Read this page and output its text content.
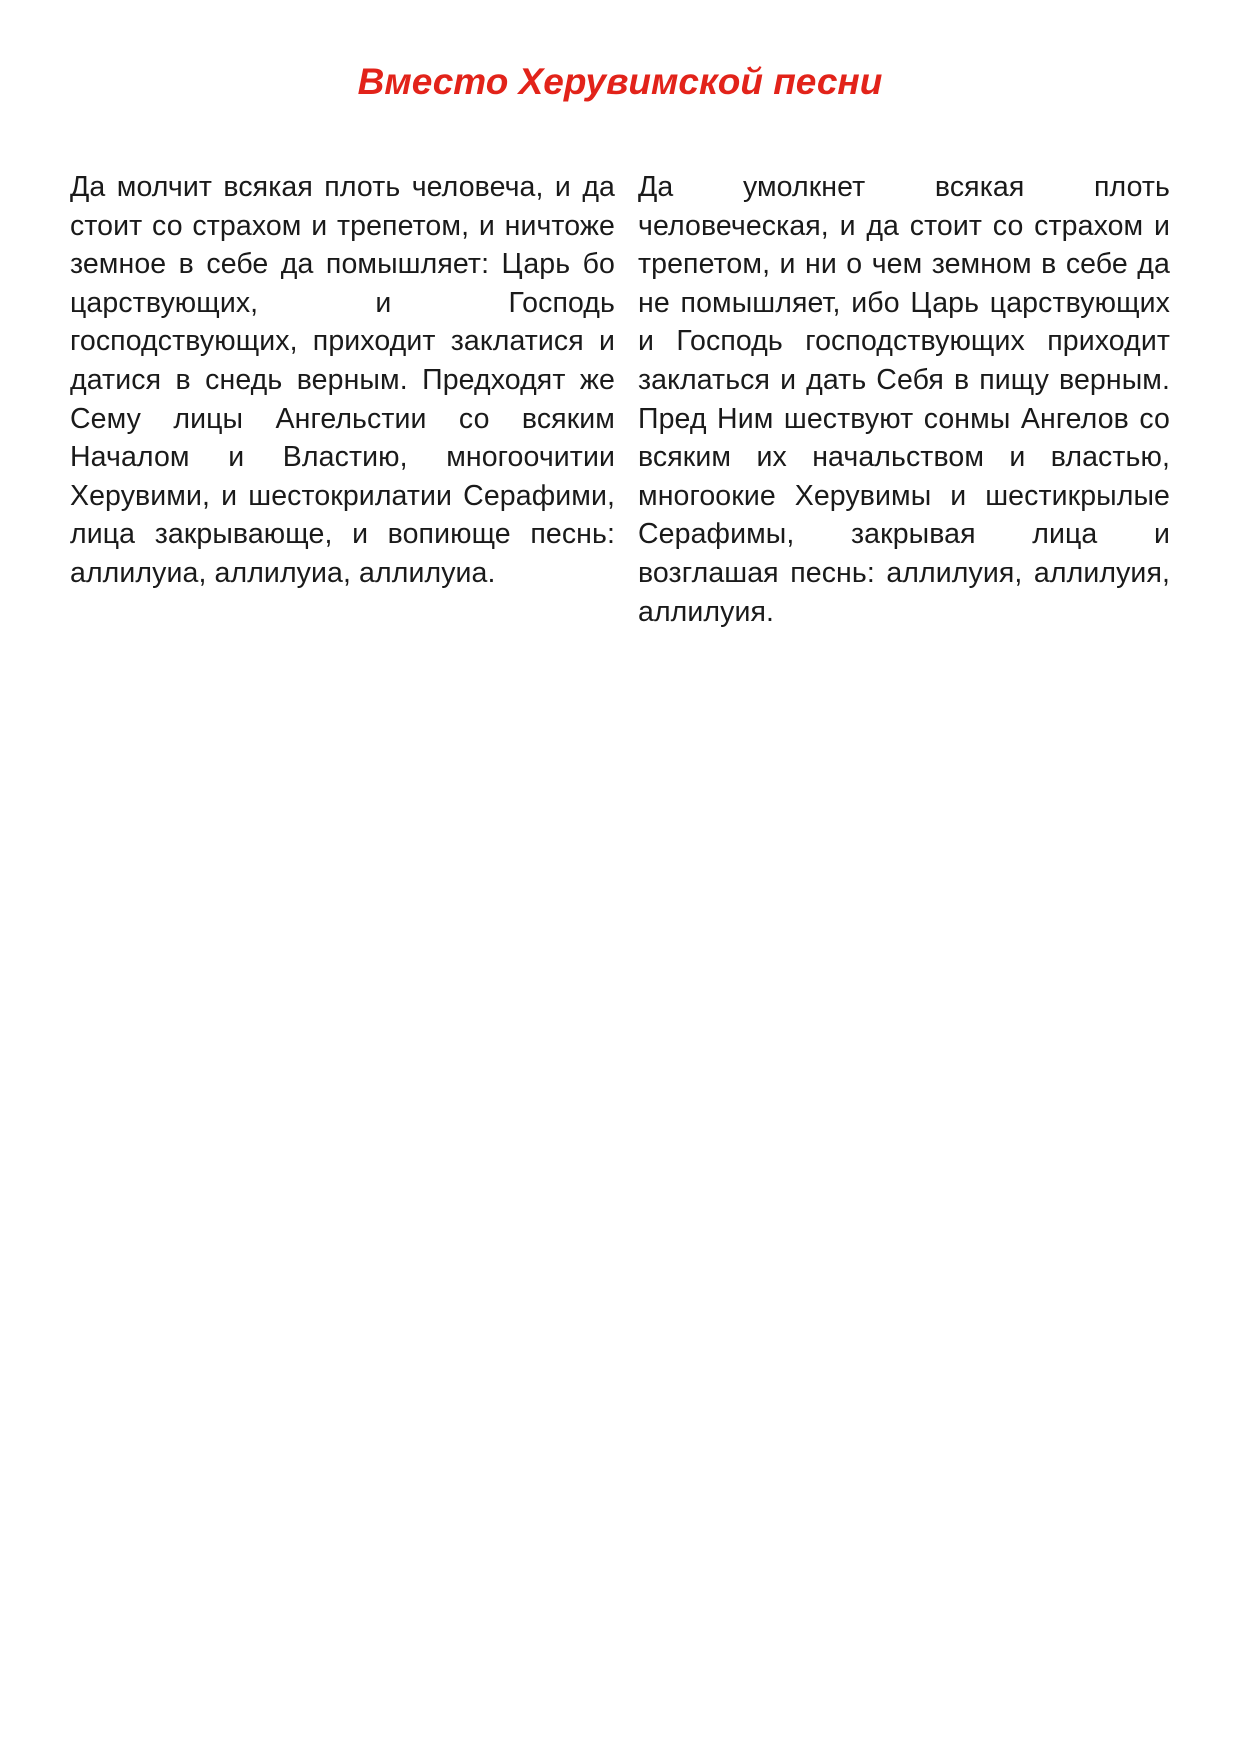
Вместо Херувимской песни

Да молчит всякая плоть человеча, и да стоит со страхом и трепетом, и ничтоже земное в себе да помышляет: Царь бо царствующих, и Господь господствующих, приходит заклатися и датися в снедь верным. Предходят же Сему лицы Ангельстии со всяким Началом и Властию, многоочитии Херувими, и шестокрилатии Серафими, лица закрывающе, и вопиюще песнь: аллилуиа, аллилуиа, аллилуиа.

Да умолкнет всякая плоть человеческая, и да стоит со страхом и трепетом, и ни о чем земном в себе да не помышляет, ибо Царь царствующих и Господь господствующих приходит заклаться и дать Себя в пищу верным. Пред Ним шествуют сонмы Ангелов со всяким их начальством и властью, многоокие Херувимы и шестикрылые Серафимы, закрывая лица и возглашая песнь: аллилуия, аллилуия, аллилуия.
